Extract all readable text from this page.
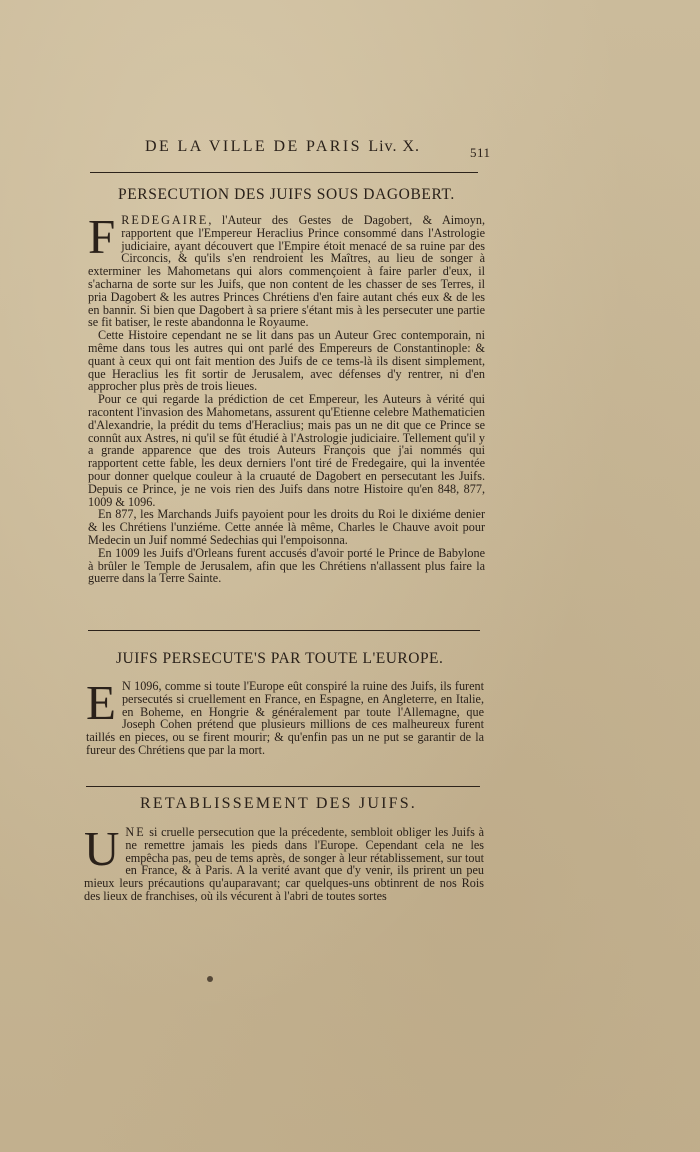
DE LA VILLE DE PARIS Liv. X.	511
PERSECUTION DES JUIFS SOUS DAGOBERT.

FREDEGAIRE, l'Auteur des Gestes de Dagobert, & Aimoyn, rapportent que l'Empereur Heraclius Prince consommé dans l'Astrologie judiciaire, ayant découvert que l'Empire étoit menacé de sa ruine par des Circoncis, & qu'ils s'en rendroient les Maîtres, au lieu de songer à exterminer les Mahometans qui alors commençoient à faire parler d'eux, il s'acharna de sorte sur les Juifs, que non content de les chasser de ses Terres, il pria Dagobert & les autres Princes Chrétiens d'en faire autant chés eux & de les en bannir. Si bien que Dagobert à sa priere s'étant mis à les persecuter une partie se fit batiser, le reste abandonna le Royaume.

Cette Histoire cependant ne se lit dans pas un Auteur Grec contemporain, ni même dans tous les autres qui ont parlé des Empereurs de Constantinople: & quant à ceux qui ont fait mention des Juifs de ce tems-là ils disent simplement, que Heraclius les fit sortir de Jerusalem, avec défenses d'y rentrer, ni d'en approcher plus près de trois lieues.

Pour ce qui regarde la prédiction de cet Empereur, les Auteurs à vérité qui racontent l'invasion des Mahometans, assurent qu'Etienne celebre Mathematicien d'Alexandrie, la prédit du tems d'Heraclius; mais pas un ne dit que ce Prince se connût aux Astres, ni qu'il se fût étudié à l'Astrologie judiciaire. Tellement qu'il y a grande apparence que des trois Auteurs François que j'ai nommés qui rapportent cette fable, les deux derniers l'ont tiré de Fredegaire, qui la inventée pour donner quelque couleur à la cruauté de Dagobert en persecutant les Juifs. Depuis ce Prince, je ne vois rien des Juifs dans notre Histoire qu'en 848, 877, 1009 & 1096.

En 877, les Marchands Juifs payoient pour les droits du Roi le dixiéme denier & les Chrétiens l'unziéme. Cette année là même, Charles le Chauve avoit pour Medecin un Juif nommé Sedechias qui l'empoisonna.

En 1009 les Juifs d'Orleans furent accusés d'avoir porté le Prince de Babylone à brûler le Temple de Jerusalem, afin que les Chrétiens n'allassent plus faire la guerre dans la Terre Sainte.

JUIFS PERSECUTE'S PAR TOUTE L'EUROPE.

E N 1096, comme si toute l'Europe eût conspiré la ruine des Juifs, ils furent persecutés si cruellement en France, en Espagne, en Angleterre, en Italie, en Boheme, en Hongrie & généralement par toute l'Allemagne, que Joseph Cohen prétend que plusieurs millions de ces malheureux furent taillés en pieces, ou se firent mourir; & qu'enfin pas un ne put se garantir de la fureur des Chrétiens que par la mort.

RETABLISSEMENT DES JUIFS.

UNE si cruelle persecution que la précedente, sembloit obliger les Juifs à ne remettre jamais les pieds dans l'Europe. Cependant cela ne les empêcha pas, peu de tems après, de songer à leur rétablissement, sur tout en France, & à Paris. A la verité avant que d'y venir, ils prirent un peu mieux leurs précautions qu'auparavant; car quelques-uns obtinrent de nos Rois des lieux de franchises, où ils vécurent à l'abri de toutes sortes
